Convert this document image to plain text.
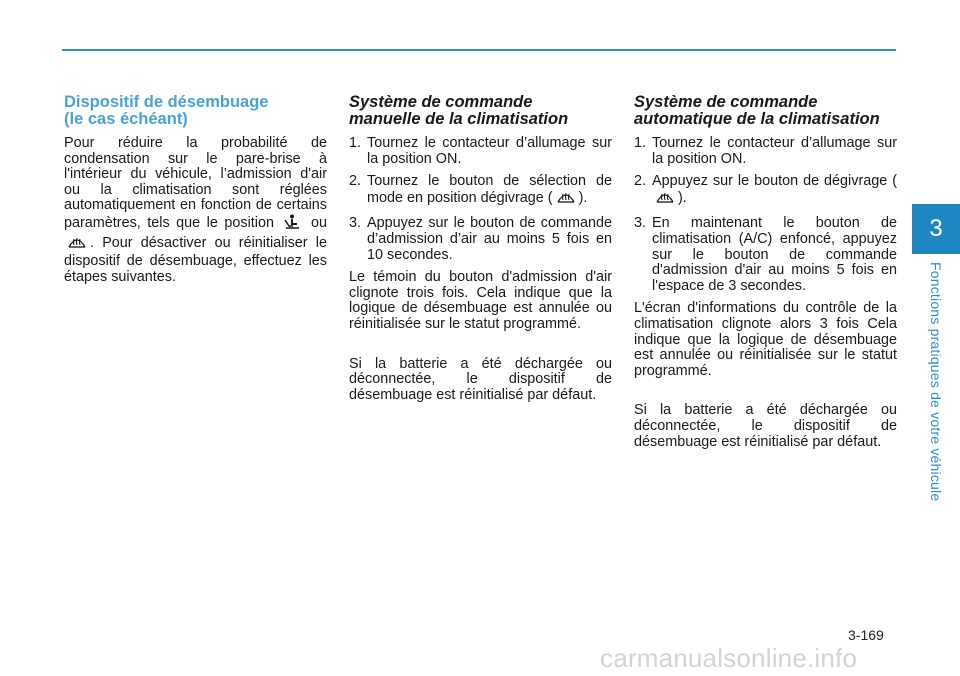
3
Fonctions pratiques de votre véhicule
Dispositif de désembuage
(le cas échéant)

Pour réduire la probabilité de condensation sur le pare-brise à l'intérieur du véhicule, l’admission d'air ou la climatisation sont réglées automatiquement en fonction de certains paramètres, tels que le position	ou . Pour désactiver ou réinitialiser le dispositif de désembuage, effectuez les étapes suivantes.

Système de commande
manuelle de la climatisation
1. Tournez le contacteur d’allumage sur la position ON.
2. Tournez le bouton de sélection de mode en position dégivrage ( ).
3. Appuyez sur le bouton de commande d’admission d’air au moins 5 fois en 10 secondes.

Le témoin du bouton d'admission d'air clignote trois fois. Cela indique que la logique de désembuage est annulée ou réinitialisée sur le statut programmé.

Si la batterie a été déchargée ou déconnectée, le dispositif de désembuage est réinitialisé par défaut.

Système de commande
automatique de la climatisation
1. Tournez le contacteur d’allumage sur la position ON.
2. Appuyez sur le bouton de dégivrage ().
3. En maintenant le bouton de climatisation (A/C) enfoncé, appuyez sur le bouton de commande d'admission d'air au moins 5 fois en l'espace de 3 secondes.

L'écran d'informations du contrôle de la climatisation clignote alors 3 fois Cela indique que la logique de désembuage est annulée ou réinitialisée sur le statut programmé.

Si la batterie a été déchargée ou déconnectée, le dispositif de désembuage est réinitialisé par défaut.

3-169
carmanualsonline.info
